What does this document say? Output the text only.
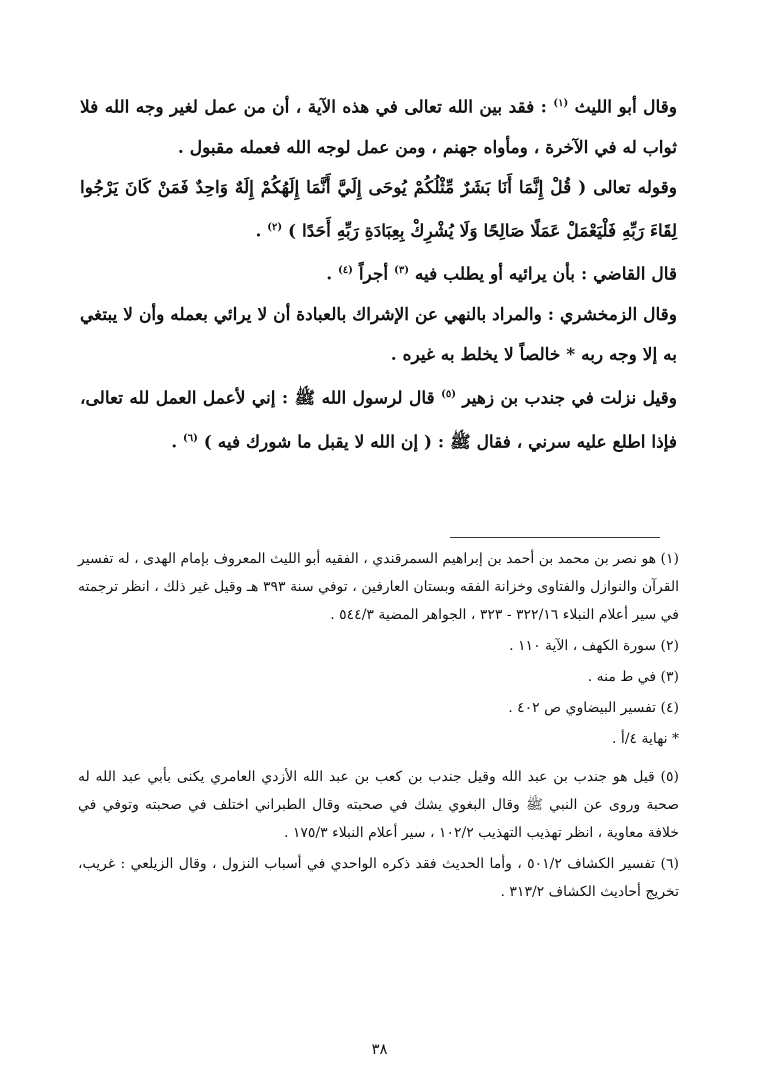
وقال أبو الليث $^{(١)}$ : فقد بين الله تعالى في هذه الآية ، أن من عمل لغير وجه الله فلا ثواب له في الآخرة ، ومأواه جهنم ، ومن عمل لوجه الله فعمله مقبول .

وقوله تعالى ( قُلْ إِنَّمَا أَنَا بَشَرٌ مِّثْلُكُمْ يُوحَى إِلَيَّ أَنَّمَا إِلَهُكُمْ إِلَهٌ وَاحِدٌ فَمَنْ كَانَ يَرْجُوا لِقَاءَ رَبِّهِ فَلْيَعْمَلْ عَمَلًا صَالِحًا وَلَا يُشْرِكْ بِعِبَادَةِ رَبِّهِ أَحَدًا ) $^{(٢)}$ .

قال القاضي : بأن يرائيه أو يطلب فيه $^{(٣)}$ أجراً $^{(٤)}$ .

وقال الزمخشري : والمراد بالنهي عن الإشراك بالعبادة أن لا يرائي بعمله وأن لا يبتغي به إلا وجه ربه * خالصاً لا يخلط به غيره .

وقيل نزلت في جندب بن زهير $^{(٥)}$ قال لرسول الله ﷺ : إني لأعمل العمل لله تعالى، فإذا اطلع عليه سرني ، فقال ﷺ : ( إن الله لا يقبل ما شورك فيه ) $^{(٦)}$ .

(١) هو نصر بن محمد بن أحمد بن إبراهيم السمرقندي ، الفقيه أبو الليث المعروف بإمام الهدى ، له تفسير القرآن والنوازل والفتاوى وخزانة الفقه وبستان العارفين ، توفي سنة ٣٩٣ هـ وقيل غير ذلك ، انظر ترجمته في سير أعلام النبلاء ٣٢٢/١٦ - ٣٢٣ ، الجواهر المضية ٥٤٤/٣ .

(٢) سورة الكهف ، الآية ١١٠ .

(٣) في ط منه .

(٤) تفسير البيضاوي ص ٤٠٢ .

* نهاية ٤/أ .

(٥) قيل هو جندب بن عبد الله وقيل جندب بن كعب بن عبد الله الأزدي العامري يكنى بأبي عبد الله له صحبة وروى عن النبي ﷺ وقال البغوي يشك في صحبته وقال الطبراني اختلف في صحبته وتوفي في خلافة معاوية ، انظر تهذيب التهذيب ١٠٢/٢ ، سير أعلام النبلاء ١٧٥/٣ .

(٦) تفسير الكشاف ٥٠١/٢ ، وأما الحديث فقد ذكره الواحدي في أسباب النزول ، وقال الزيلعي : غريب، تخريج أحاديث الكشاف ٣١٣/٢ .

٣٨
